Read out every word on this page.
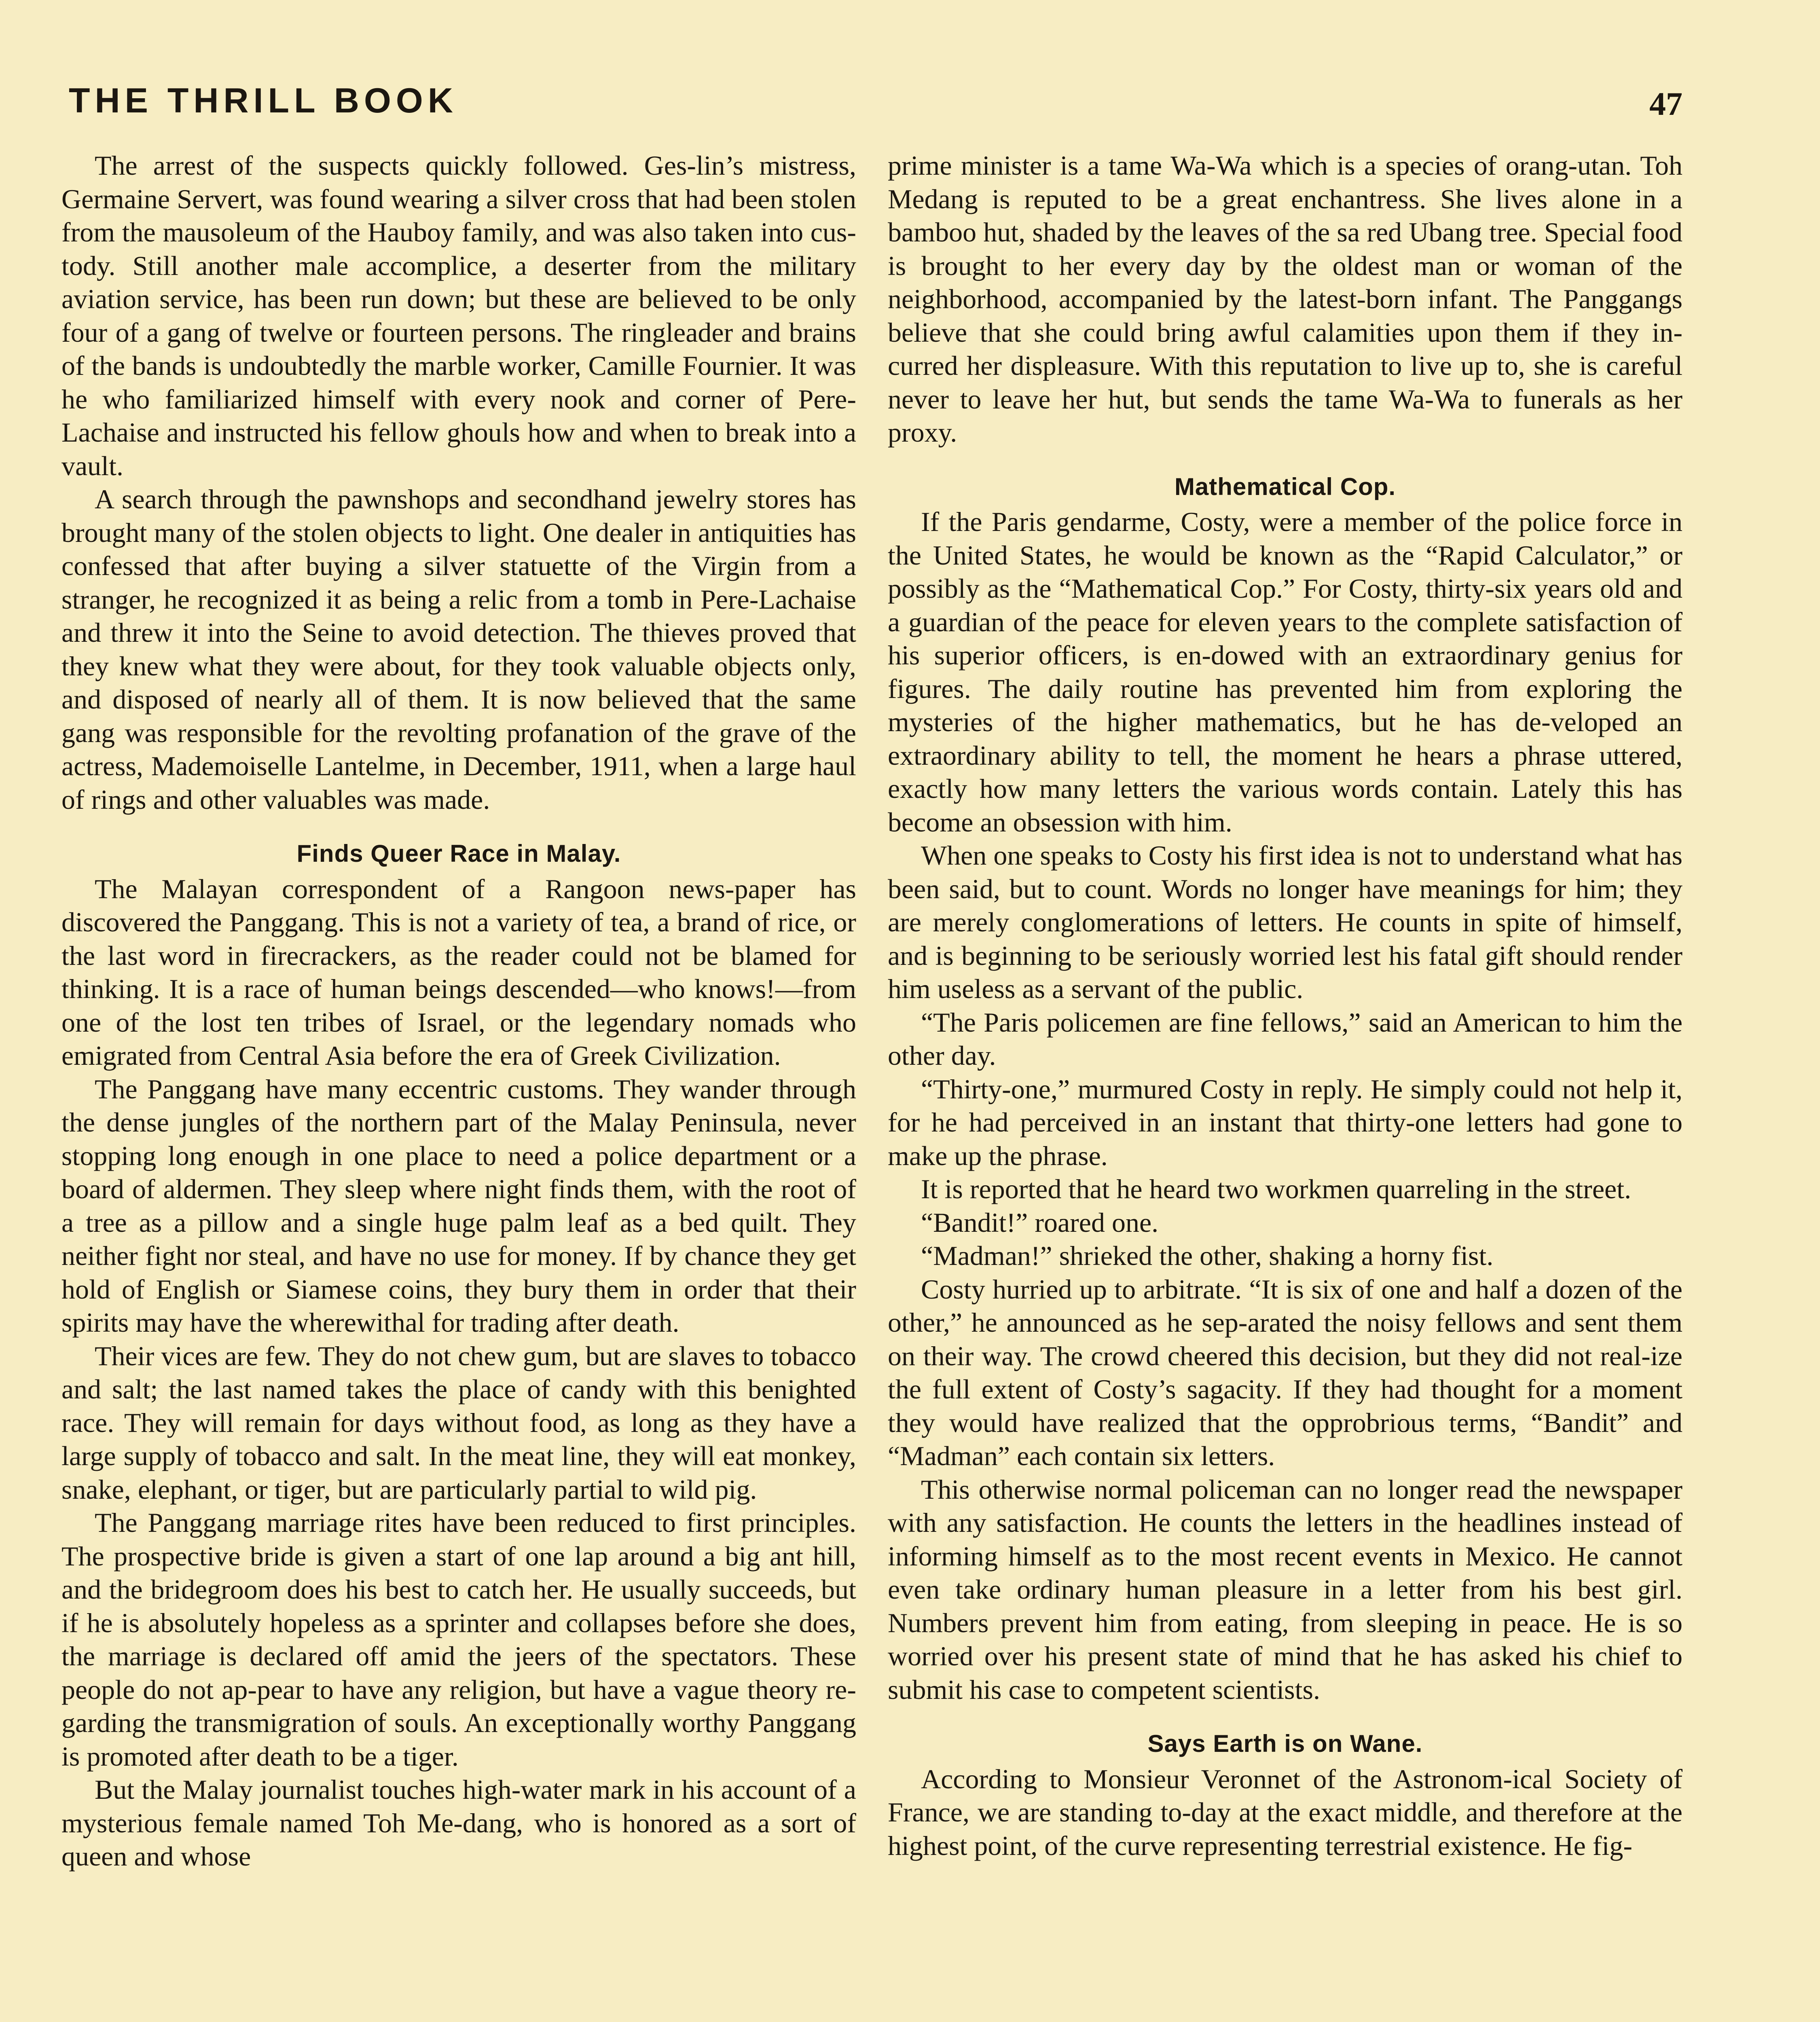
THE THRILL BOOK	47

The arrest of the suspects quickly followed. Ges-lin’s mistress, Germaine Servert, was found wearing a silver cross that had been stolen from the mausoleum of the Hauboy family, and was also taken into cus-tody. Still another male accomplice, a deserter from the military aviation service, has been run down; but these are believed to be only four of a gang of twelve or fourteen persons. The ringleader and brains of the bands is undoubtedly the marble worker, Camille Fournier. It was he who familiarized himself with every nook and corner of Pere-Lachaise and instructed his fellow ghouls how and when to break into a vault.

A search through the pawnshops and secondhand jewelry stores has brought many of the stolen objects to light. One dealer in antiquities has confessed that after buying a silver statuette of the Virgin from a stranger, he recognized it as being a relic from a tomb in Pere-Lachaise and threw it into the Seine to avoid detection. The thieves proved that they knew what they were about, for they took valuable objects only, and disposed of nearly all of them. It is now believed that the same gang was responsible for the revolting profanation of the grave of the actress, Mademoiselle Lantelme, in December, 1911, when a large haul of rings and other valuables was made.

Finds Queer Race in Malay.

The Malayan correspondent of a Rangoon news-paper has discovered the Panggang. This is not a variety of tea, a brand of rice, or the last word in firecrackers, as the reader could not be blamed for thinking. It is a race of human beings descended—who knows!—from one of the lost ten tribes of Israel, or the legendary nomads who emigrated from Central Asia before the era of Greek Civilization.

The Panggang have many eccentric customs. They wander through the dense jungles of the northern part of the Malay Peninsula, never stopping long enough in one place to need a police department or a board of aldermen. They sleep where night finds them, with the root of a tree as a pillow and a single huge palm leaf as a bed quilt. They neither fight nor steal, and have no use for money. If by chance they get hold of English or Siamese coins, they bury them in order that their spirits may have the wherewithal for trading after death.

Their vices are few. They do not chew gum, but are slaves to tobacco and salt; the last named takes the place of candy with this benighted race. They will remain for days without food, as long as they have a large supply of tobacco and salt. In the meat line, they will eat monkey, snake, elephant, or tiger, but are particularly partial to wild pig.

The Panggang marriage rites have been reduced to first principles. The prospective bride is given a start of one lap around a big ant hill, and the bridegroom does his best to catch her. He usually succeeds, but if he is absolutely hopeless as a sprinter and collapses before she does, the marriage is declared off amid the jeers of the spectators. These people do not ap-pear to have any religion, but have a vague theory re-garding the transmigration of souls. An exceptionally worthy Panggang is promoted after death to be a tiger.

But the Malay journalist touches high-water mark in his account of a mysterious female named Toh Me-dang, who is honored as a sort of queen and whose

prime minister is a tame Wa-Wa which is a species of orang-utan. Toh Medang is reputed to be a great enchantress. She lives alone in a bamboo hut, shaded by the leaves of the sa red Ubang tree. Special food is brought to her every day by the oldest man or woman of the neighborhood, accompanied by the latest-born infant. The Panggangs believe that she could bring awful calamities upon them if they in-curred her displeasure. With this reputation to live up to, she is careful never to leave her hut, but sends the tame Wa-Wa to funerals as her proxy.

Mathematical Cop.

If the Paris gendarme, Costy, were a member of the police force in the United States, he would be known as the “Rapid Calculator,” or possibly as the “Mathematical Cop.” For Costy, thirty-six years old and a guardian of the peace for eleven years to the complete satisfaction of his superior officers, is en-dowed with an extraordinary genius for figures. The daily routine has prevented him from exploring the mysteries of the higher mathematics, but he has de-veloped an extraordinary ability to tell, the moment he hears a phrase uttered, exactly how many letters the various words contain. Lately this has become an obsession with him.

When one speaks to Costy his first idea is not to understand what has been said, but to count. Words no longer have meanings for him; they are merely conglomerations of letters. He counts in spite of himself, and is beginning to be seriously worried lest his fatal gift should render him useless as a servant of the public.

“The Paris policemen are fine fellows,” said an American to him the other day.

“Thirty-one,” murmured Costy in reply. He simply could not help it, for he had perceived in an instant that thirty-one letters had gone to make up the phrase.

It is reported that he heard two workmen quarreling in the street.

“Bandit!” roared one.

“Madman!” shrieked the other, shaking a horny fist.

Costy hurried up to arbitrate. “It is six of one and half a dozen of the other,” he announced as he sep-arated the noisy fellows and sent them on their way. The crowd cheered this decision, but they did not real-ize the full extent of Costy’s sagacity. If they had thought for a moment they would have realized that the opprobrious terms, “Bandit” and “Madman” each contain six letters.

This otherwise normal policeman can no longer read the newspaper with any satisfaction. He counts the letters in the headlines instead of informing himself as to the most recent events in Mexico. He cannot even take ordinary human pleasure in a letter from his best girl. Numbers prevent him from eating, from sleeping in peace. He is so worried over his present state of mind that he has asked his chief to submit his case to competent scientists.

Says Earth is on Wane.

According to Monsieur Veronnet of the Astronom-ical Society of France, we are standing to-day at the exact middle, and therefore at the highest point, of the curve representing terrestrial existence. He fig-
